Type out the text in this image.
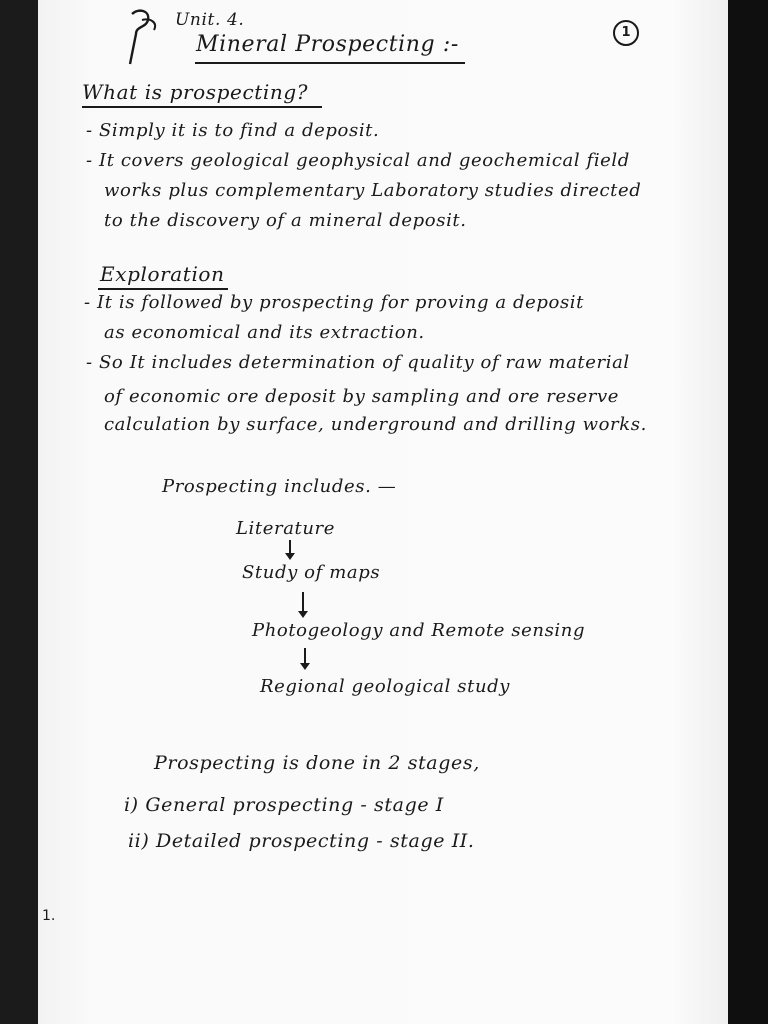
Unit. 4.
Mineral Prospecting :-	1
What is prospecting?
- Simply it is to find a deposit.
- It covers geological geophysical and geochemical field
works plus complementary Laboratory studies directed
to the discovery of a mineral deposit.
Exploration
- It is followed by prospecting for proving a deposit
as economical and its extraction.
- So It includes determination of quality of raw material
of economic ore deposit by sampling and ore reserve
calculation by surface, underground and drilling works.
Prospecting includes. —
Literature
Study of maps
Photogeology and Remote sensing
Regional geological study
Prospecting is done in 2 stages,
i) General prospecting - stage I
ii) Detailed prospecting - stage II.
1.
